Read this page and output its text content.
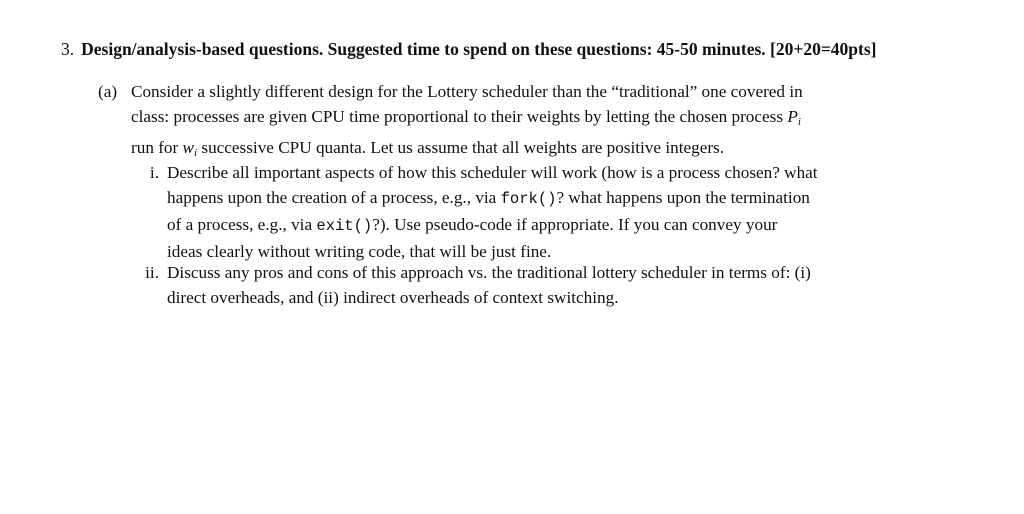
3. Design/analysis-based questions. Suggested time to spend on these questions: 45-50 minutes. [20+20=40pts]
(a) Consider a slightly different design for the Lottery scheduler than the “traditional” one covered in
class: processes are given CPU time proportional to their weights by letting the chosen process $P_i$
run for $w_i$ successive CPU quanta. Let us assume that all weights are positive integers.
i. Describe all important aspects of how this scheduler will work (how is a process chosen? what
happens upon the creation of a process, e.g., via fork()? what happens upon the termination
of a process, e.g., via exit()?). Use pseudo-code if appropriate. If you can convey your
ideas clearly without writing code, that will be just fine.
ii. Discuss any pros and cons of this approach vs. the traditional lottery scheduler in terms of: (i)
direct overheads, and (ii) indirect overheads of context switching.
